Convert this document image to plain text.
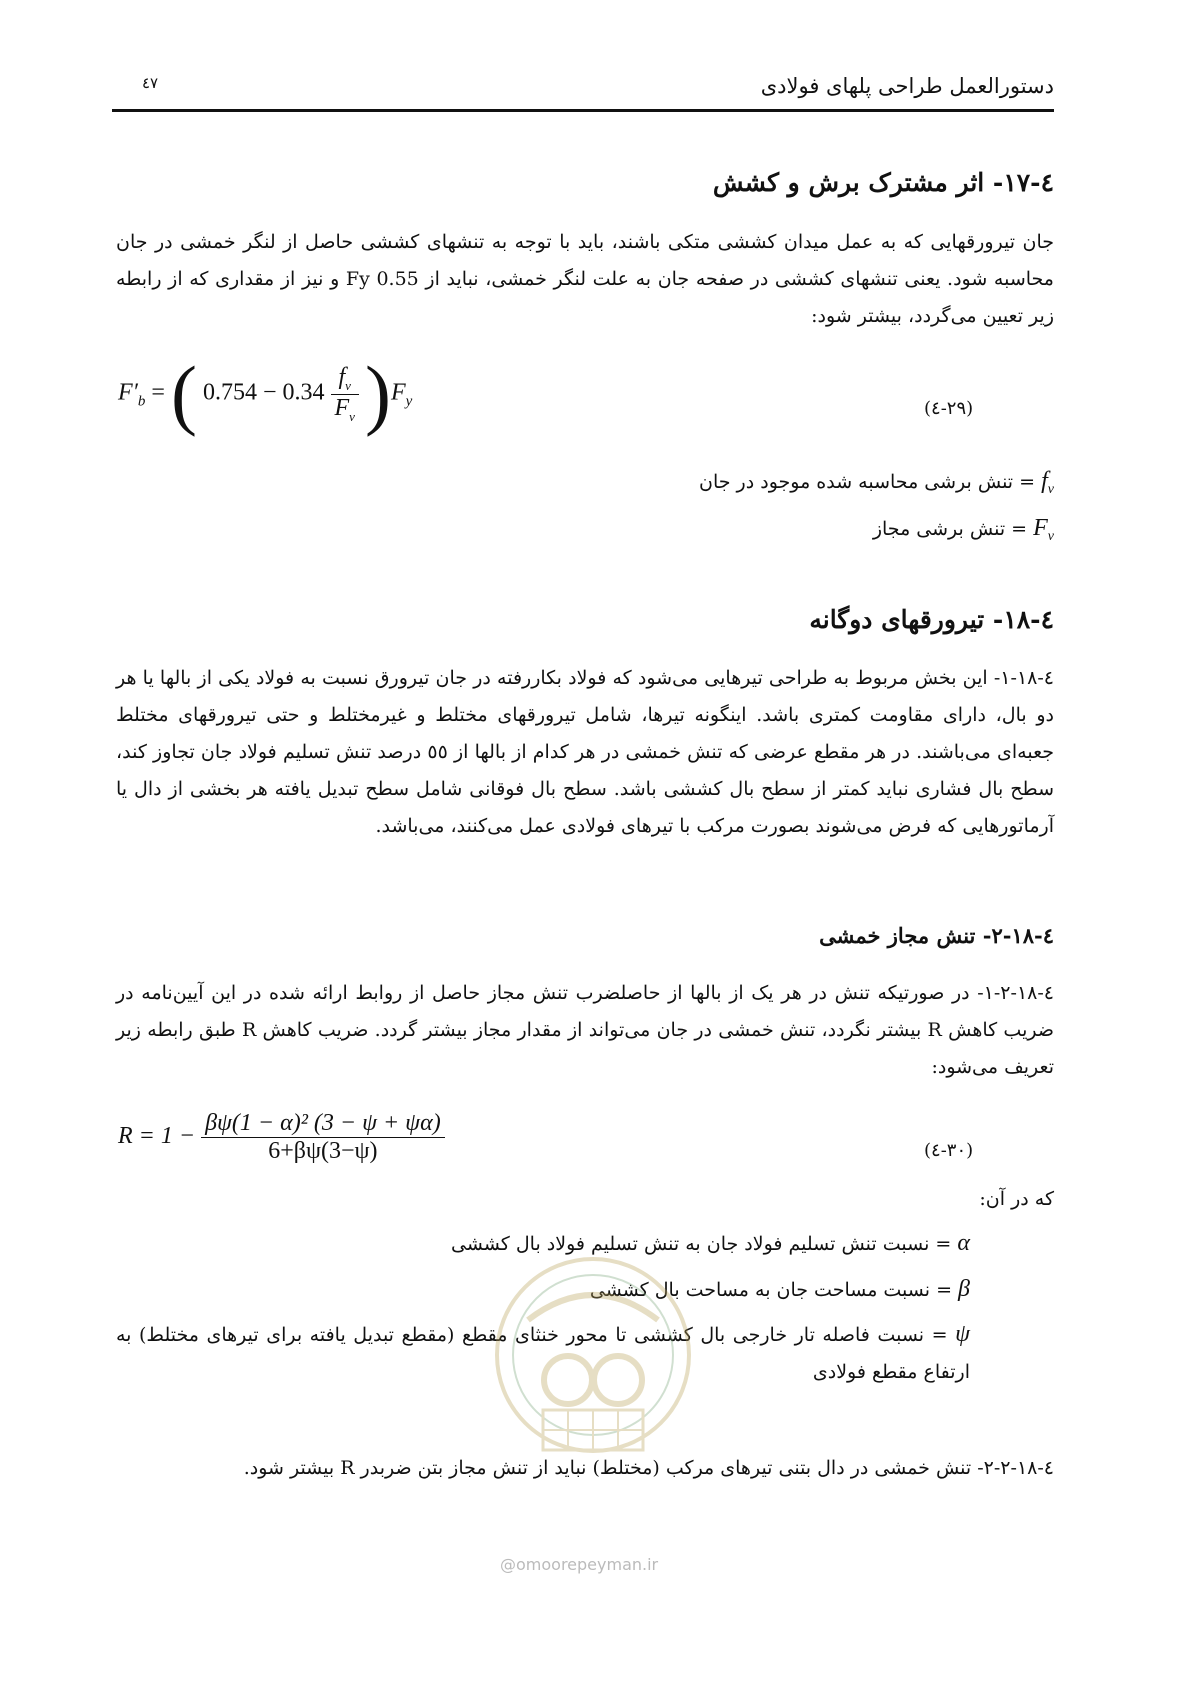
دستورالعمل طراحی پلهای فولادی
٤٧
٤-١٧- اثر مشترک برش و کشش
جان تیرورقهایی که به عمل میدان کششی متکی باشند، باید با توجه به تنشهای کششی حاصل از لنگر خمشی در جان محاسبه شود. یعنی تنشهای کششی در صفحه جان به علت لنگر خمشی، نباید از 0.55 Fy و نیز از مقداری که از رابطه زیر تعیین می‌گردد، بیشتر شود:
$F'_b$ = ( $0.754 - 0.34 \frac{f_v}{F_v} )F_y$	(٢٩-٤)
$f_v$ = تنش برشی محاسبه شده موجود در جان
$F_v$ = تنش برشی مجاز
٤-١٨- تیرورقهای دوگانه
٤-١٨-١- این بخش مربوط به طراحی تیرهایی می‌شود که فولاد بکاررفته در جان تیرورق نسبت به فولاد یکی از بالها یا هر دو بال، دارای مقاومت کمتری باشد. اینگونه تیرها، شامل تیرورقهای مختلط و غیرمختلط و حتی تیرورقهای مختلط جعبه‌ای می‌باشند. در هر مقطع عرضی که تنش خمشی در هر کدام از بالها از ٥٥ درصد تنش تسلیم فولاد جان تجاوز کند، سطح بال فشاری نباید کمتر از سطح بال کششی باشد. سطح بال فوقانی شامل سطح تبدیل یافته هر بخشی از دال یا آرماتورهایی که فرض می‌شوند بصورت مرکب با تیرهای فولادی عمل می‌کنند، می‌باشد.
٤-١٨-٢- تنش مجاز خمشی
٤-١٨-٢-١- در صورتیکه تنش در هر یک از بالها از حاصلضرب تنش مجاز حاصل از روابط ارائه شده در این آیین‌نامه در ضریب کاهش R بیشتر نگردد، تنش خمشی در جان می‌تواند از مقدار مجاز بیشتر گردد. ضریب کاهش R طبق رابطه زیر تعریف می‌شود:
$R = 1 - \frac{\text{βψ(1 − α)² (3 − ψ + ψα)}}{6+\beta\psi(3-\psi)}$	(٣٠-٤)
که در آن:
α = نسبت تنش تسلیم فولاد جان به تنش تسلیم فولاد بال کششی
β = نسبت مساحت جان به مساحت بال کششی
ψ = نسبت فاصله تار خارجی بال کششی تا محور خنثای مقطع (مقطع تبدیل یافته برای تیرهای مختلط) به ارتفاع مقطع فولادی
٤-١٨-٢-٢- تنش خمشی در دال بتنی تیرهای مرکب (مختلط) نباید از تنش مجاز بتن ضربدر R بیشتر شود.
@omoorepeyman.ir
